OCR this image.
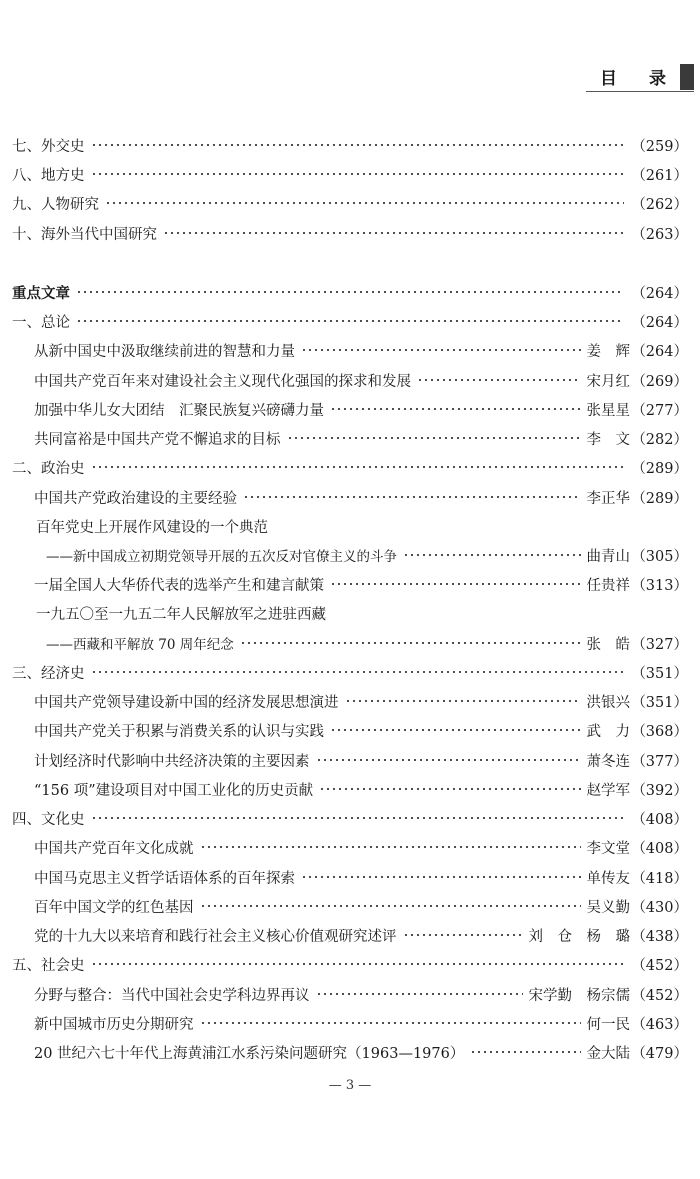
目 录
七、外交史	（259）
八、地方史	（261）
九、人物研究	（262）
十、海外当代中国研究	（263）
重点文章	（264）
一、总论	（264）
从新中国史中汲取继续前进的智慧和力量	姜　辉 （264）
中国共产党百年来对建设社会主义现代化强国的探求和发展	宋月红 （269）
加强中华儿女大团结　汇聚民族复兴磅礴力量	张星星 （277）
共同富裕是中国共产党不懈追求的目标	李　文 （282）
二、政治史	（289）
中国共产党政治建设的主要经验	李正华 （289）
百年党史上开展作风建设的一个典范
——新中国成立初期党领导开展的五次反对官僚主义的斗争	曲青山 （305）
一届全国人大华侨代表的选举产生和建言献策	任贵祥 （313）
一九五〇至一九五二年人民解放军之进驻西藏
——西藏和平解放 70 周年纪念	张　皓 （327）
三、经济史	（351）
中国共产党领导建设新中国的经济发展思想演进	洪银兴 （351）
中国共产党关于积累与消费关系的认识与实践	武　力 （368）
计划经济时代影响中共经济决策的主要因素	萧冬连 （377）
“156 项”建设项目对中国工业化的历史贡献	赵学军 （392）
四、文化史	（408）
中国共产党百年文化成就	李文堂 （408）
中国马克思主义哲学话语体系的百年探索	单传友 （418）
百年中国文学的红色基因	吴义勤 （430）
党的十九大以来培育和践行社会主义核心价值观研究述评	刘　仓　杨　璐 （438）
五、社会史	（452）
分野与整合：当代中国社会史学科边界再议	宋学勤　杨宗儒 （452）
新中国城市历史分期研究	何一民 （463）
20 世纪六七十年代上海黄浦江水系污染问题研究（1963—1976）	金大陆 （479）
— 3 —
